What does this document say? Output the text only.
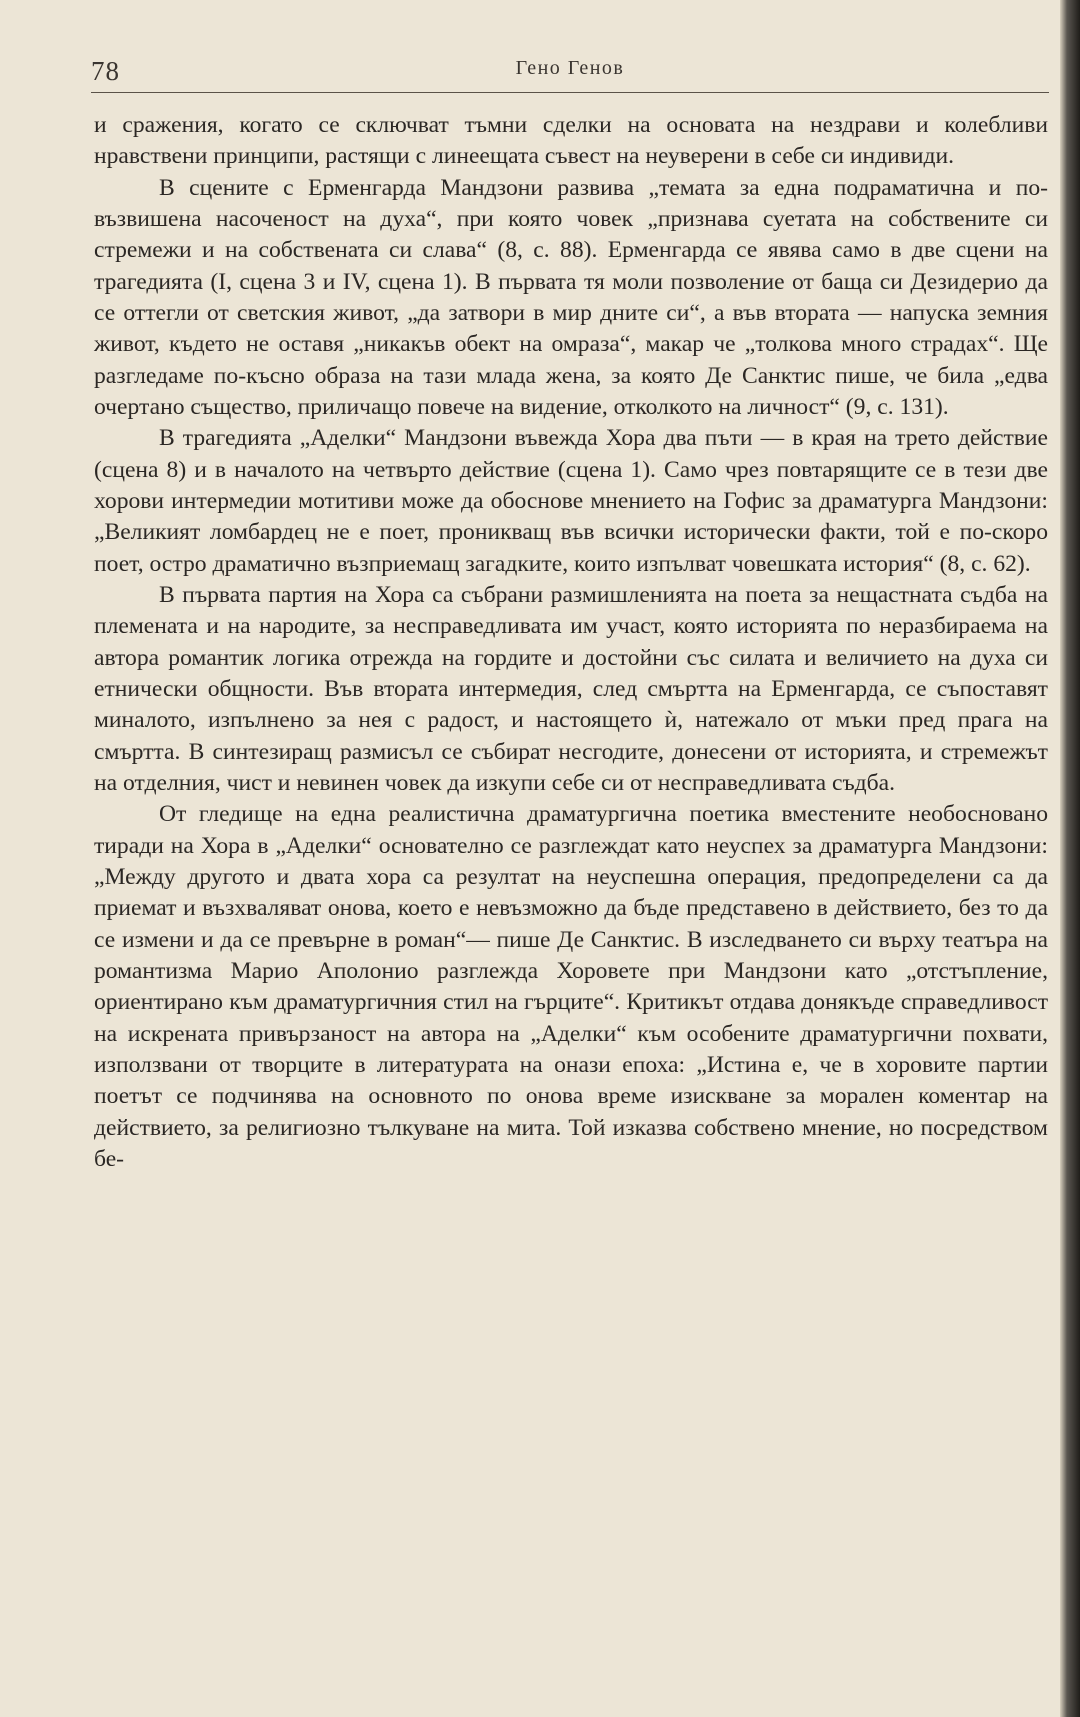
78	Гено Генов

и сражения, когато се сключват тъмни сделки на основата на нездрави и колебливи нравствени принципи, растящи с линеещата съвест на неуверени в себе си индивиди.

В сцените с Ерменгарда Мандзони развива „темата за една подраматична и по-възвишена насоченост на духа“, при която човек „признава суетата на собствените си стремежи и на собствената си слава“ (8, с. 88). Ерменгарда се явява само в две сцени на трагедията (I, сцена 3 и IV, сцена 1). В първата тя моли позволение от баща си Дезидерио да се оттегли от светския живот, „да затвори в мир дните си“, а във втората — напуска земния живот, където не оставя „никакъв обект на омраза“, макар че „толкова много страдах“. Ще разгледаме по-късно образа на тази млада жена, за която Де Санктис пише, че била „едва очертано същество, приличащо повече на видение, отколкото на личност“ (9, с. 131).

В трагедията „Аделки“ Мандзони въвежда Хора два пъти — в края на трето действие (сцена 8) и в началото на четвърто действие (сцена 1). Само чрез повтарящите се в тези две хорови интермедии мотитиви може да обоснове мнението на Гофис за драматурга Мандзони: „Великият ломбардец не е поет, проникващ във всички исторически факти, той е по-скоро поет, остро драматично възприемащ загадките, които изпълват човешката история“ (8, с. 62).

В първата партия на Хора са събрани размишленията на поета за нещастната съдба на племената и на народите, за несправедливата им участ, която историята по неразбираема на автора романтик логика отрежда на гордите и достойни със силата и величието на духа си етнически общности. Във втората интермедия, след смъртта на Ерменгарда, се съпоставят миналото, изпълнено за нея с радост, и настоящето ѝ, натежало от мъки пред прага на смъртта. В синтезиращ размисъл се събират несгодите, донесени от историята, и стремежът на отделния, чист и невинен човек да изкупи себе си от несправедливата съдба.

От гледище на една реалистична драматургична поетика вместените необосновано тиради на Хора в „Аделки“ основателно се разглеждат като неуспех за драматурга Мандзони: „Между другото и двата хора са резултат на неуспешна операция, предопределени са да приемат и възхваляват онова, което е невъзможно да бъде представено в действието, без то да се измени и да се превърне в роман“— пише Де Санктис. В изследването си върху театъра на романтизма Марио Аполонио разглежда Хоровете при Мандзони като „отстъпление, ориентирано към драматургичния стил на гърците“. Критикът отдава донякъде справедливост на искрената привързаност на автора на „Аделки“ към особените драматургични похвати, използвани от творците в литературата на онази епоха: „Истина е, че в хоровите партии поетът се подчинява на основното по онова време изискване за морален коментар на действието, за религиозно тълкуване на мита. Той изказва собствено мнение, но посредством бе-
